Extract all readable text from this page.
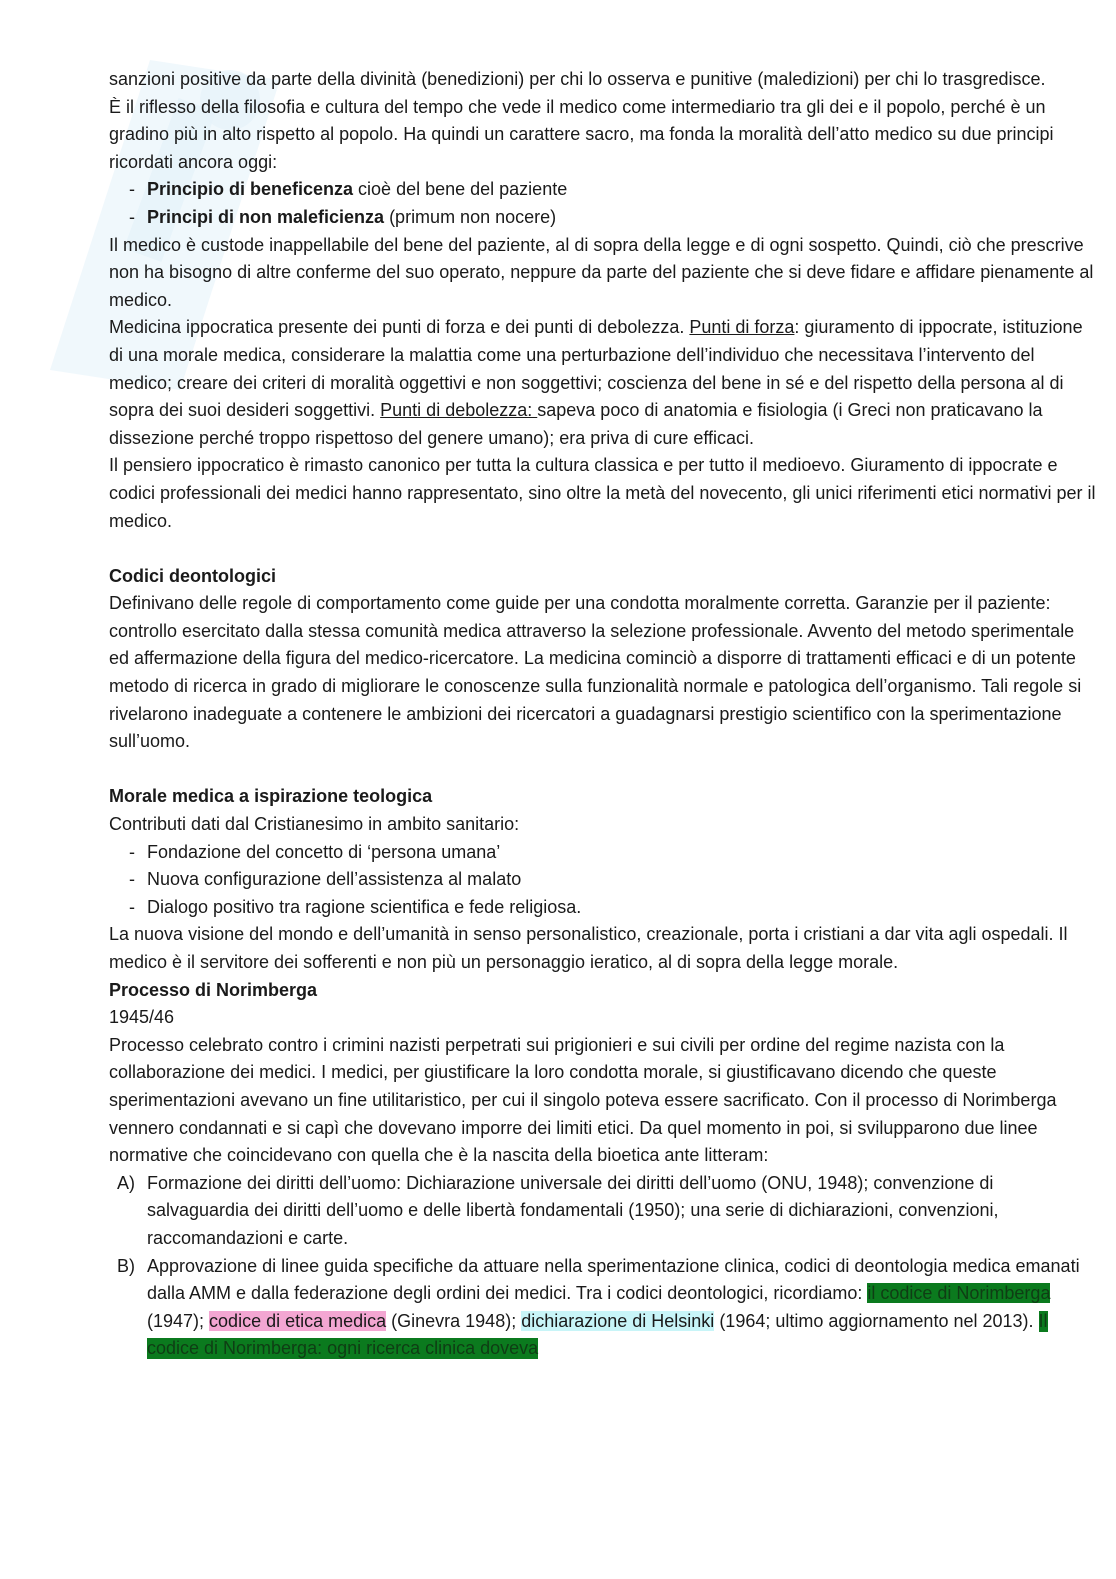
sanzioni positive da parte della divinità (benedizioni) per chi lo osserva e punitive (maledizioni) per chi lo trasgredisce.

È il riflesso della filosofia e cultura del tempo che vede il medico come intermediario tra gli dei e il popolo, perché è un gradino più in alto rispetto al popolo. Ha quindi un carattere sacro, ma fonda la moralità dell’atto medico su due principi ricordati ancora oggi:

- Principio di beneficenza cioè del bene del paziente
- Principi di non maleficienza (primum non nocere)

Il medico è custode inappellabile del bene del paziente, al di sopra della legge e di ogni sospetto. Quindi, ciò che prescrive non ha bisogno di altre conferme del suo operato, neppure da parte del paziente che si deve fidare e affidare pienamente al medico.

Medicina ippocratica presente dei punti di forza e dei punti di debolezza. Punti di forza: giuramento di ippocrate, istituzione di una morale medica, considerare la malattia come una perturbazione dell’individuo che necessitava l’intervento del medico; creare dei criteri di moralità oggettivi e non soggettivi; coscienza del bene in sé e del rispetto della persona al di sopra dei suoi desideri soggettivi. Punti di debolezza: sapeva poco di anatomia e fisiologia (i Greci non praticavano la dissezione perché troppo rispettoso del genere umano); era priva di cure efficaci.

Il pensiero ippocratico è rimasto canonico per tutta la cultura classica e per tutto il medioevo. Giuramento di ippocrate e codici professionali dei medici hanno rappresentato, sino oltre la metà del novecento, gli unici riferimenti etici normativi per il medico.

Codici deontologici

Definivano delle regole di comportamento come guide per una condotta moralmente corretta. Garanzie per il paziente: controllo esercitato dalla stessa comunità medica attraverso la selezione professionale. Avvento del metodo sperimentale ed affermazione della figura del medico-ricercatore. La medicina cominciò a disporre di trattamenti efficaci e di un potente metodo di ricerca in grado di migliorare le conoscenze sulla funzionalità normale e patologica dell’organismo. Tali regole si rivelarono inadeguate a contenere le ambizioni dei ricercatori a guadagnarsi prestigio scientifico con la sperimentazione sull’uomo.

Morale medica a ispirazione teologica

Contributi dati dal Cristianesimo in ambito sanitario:

- Fondazione del concetto di ‘persona umana’
- Nuova configurazione dell’assistenza al malato
- Dialogo positivo tra ragione scientifica e fede religiosa.

La nuova visione del mondo e dell’umanità in senso personalistico, creazionale, porta i cristiani a dar vita agli ospedali. Il medico è il servitore dei sofferenti e non più un personaggio ieratico, al di sopra della legge morale.

Processo di Norimberga

1945/46

Processo celebrato contro i crimini nazisti perpetrati sui prigionieri e sui civili per ordine del regime nazista con la collaborazione dei medici. I medici, per giustificare la loro condotta morale, si giustificavano dicendo che queste sperimentazioni avevano un fine utilitaristico, per cui il singolo poteva essere sacrificato. Con il processo di Norimberga vennero condannati e si capì che dovevano imporre dei limiti etici. Da quel momento in poi, si svilupparono due linee normative che coincidevano con quella che è la nascita della bioetica ante litteram:

A) Formazione dei diritti dell’uomo: Dichiarazione universale dei diritti dell’uomo (ONU, 1948); convenzione di salvaguardia dei diritti dell’uomo e delle libertà fondamentali (1950); una serie di dichiarazioni, convenzioni, raccomandazioni e carte.
B) Approvazione di linee guida specifiche da attuare nella sperimentazione clinica, codici di deontologia medica emanati dalla AMM e dalla federazione degli ordini dei medici. Tra i codici deontologici, ricordiamo: il codice di Norimberga (1947); codice di etica medica (Ginevra 1948); dichiarazione di Helsinki (1964; ultimo aggiornamento nel 2013). Il codice di Norimberga: ogni ricerca clinica doveva
